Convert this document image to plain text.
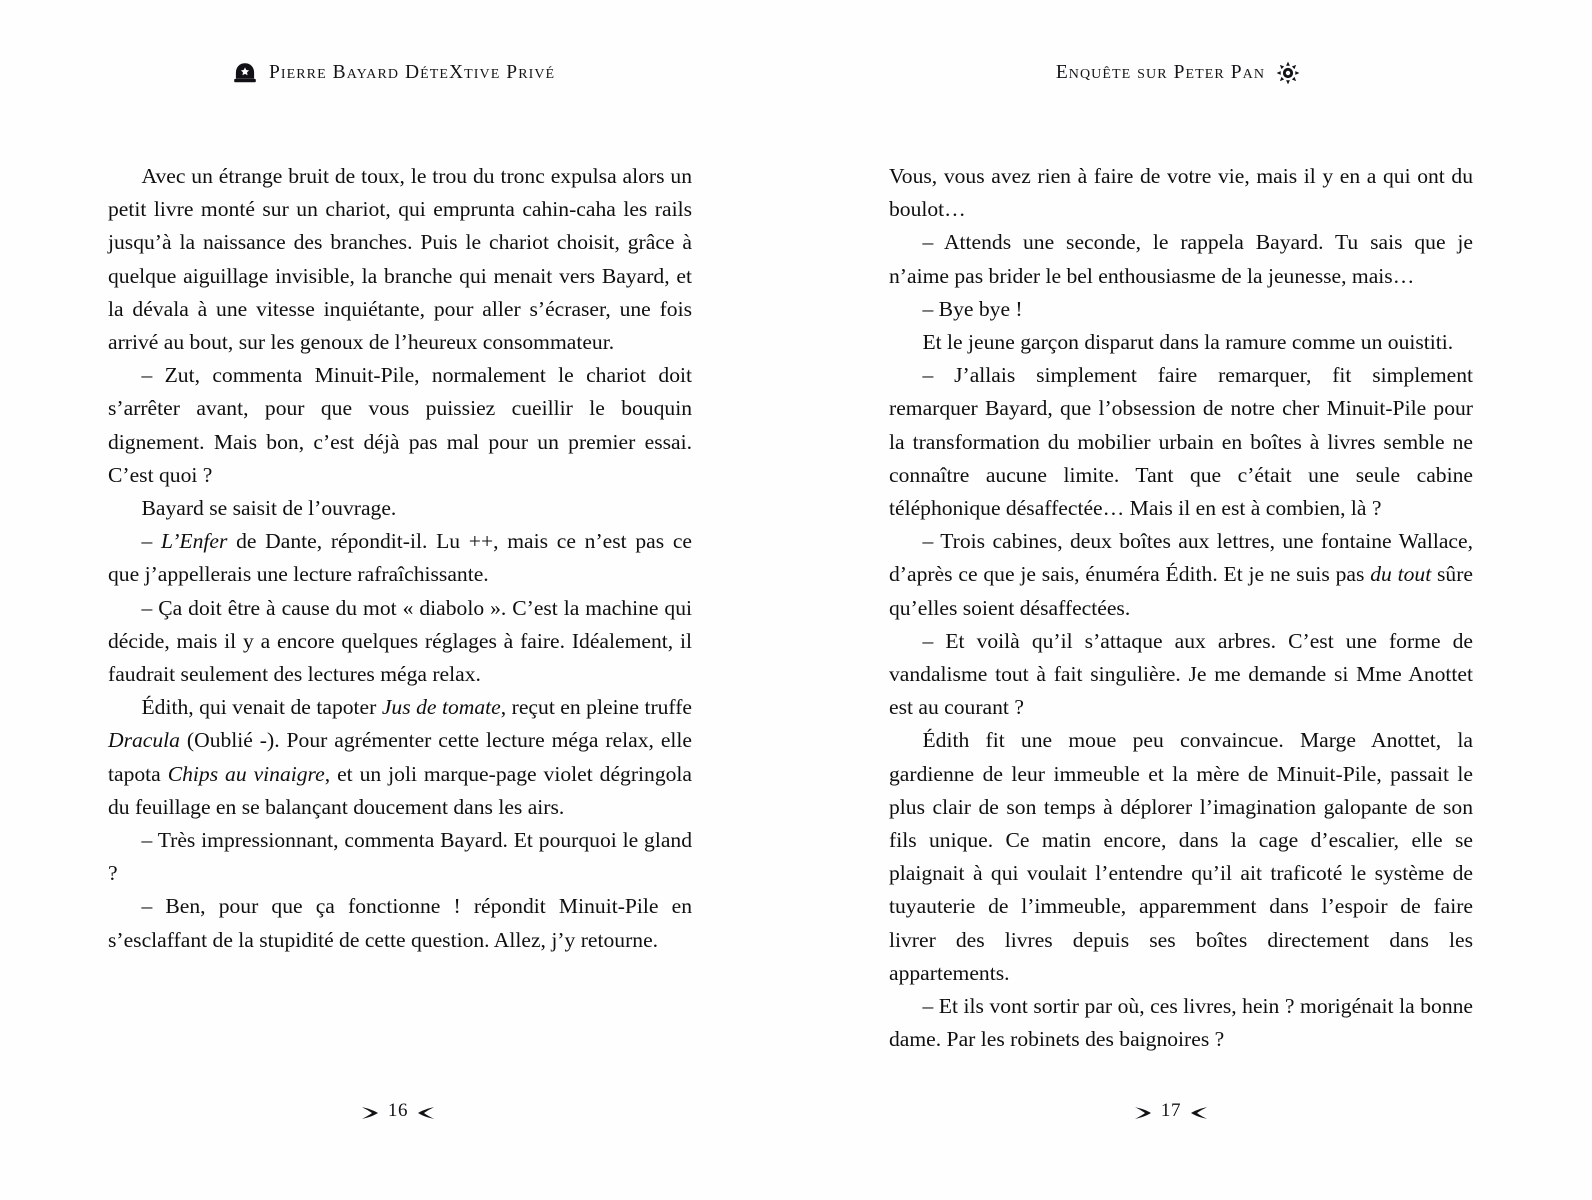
Pierre Bayard DéteXtive Privé

Avec un étrange bruit de toux, le trou du tronc expulsa alors un petit livre monté sur un chariot, qui emprunta cahin-caha les rails jusqu’à la naissance des branches. Puis le chariot choisit, grâce à quelque aiguillage invisible, la branche qui menait vers Bayard, et la dévala à une vitesse inquiétante, pour aller s’écraser, une fois arrivé au bout, sur les genoux de l’heureux consommateur.

– Zut, commenta Minuit-Pile, normalement le chariot doit s’arrêter avant, pour que vous puissiez cueillir le bouquin dignement. Mais bon, c’est déjà pas mal pour un premier essai. C’est quoi ?

Bayard se saisit de l’ouvrage.

– L’Enfer de Dante, répondit-il. Lu ++, mais ce n’est pas ce que j’appellerais une lecture rafraîchissante.

– Ça doit être à cause du mot « diabolo ». C’est la machine qui décide, mais il y a encore quelques réglages à faire. Idéalement, il faudrait seulement des lectures méga relax.

Édith, qui venait de tapoter Jus de tomate, reçut en pleine truffe Dracula (Oublié -). Pour agrémenter cette lecture méga relax, elle tapota Chips au vinaigre, et un joli marque-page violet dégringola du feuillage en se balançant doucement dans les airs.

– Très impressionnant, commenta Bayard. Et pourquoi le gland ?

– Ben, pour que ça fonctionne ! répondit Minuit-Pile en s’esclaffant de la stupidité de cette question. Allez, j’y retourne.

16
Enquête sur Peter Pan

Vous, vous avez rien à faire de votre vie, mais il y en a qui ont du boulot…

– Attends une seconde, le rappela Bayard. Tu sais que je n’aime pas brider le bel enthousiasme de la jeunesse, mais…

– Bye bye !

Et le jeune garçon disparut dans la ramure comme un ouistiti.

– J’allais simplement faire remarquer, fit simplement remarquer Bayard, que l’obsession de notre cher Minuit-Pile pour la transformation du mobilier urbain en boîtes à livres semble ne connaître aucune limite. Tant que c’était une seule cabine téléphonique désaffectée… Mais il en est à combien, là ?

– Trois cabines, deux boîtes aux lettres, une fontaine Wallace, d’après ce que je sais, énuméra Édith. Et je ne suis pas du tout sûre qu’elles soient désaffectées.

– Et voilà qu’il s’attaque aux arbres. C’est une forme de vandalisme tout à fait singulière. Je me demande si Mme Anottet est au courant ?

Édith fit une moue peu convaincue. Marge Anottet, la gardienne de leur immeuble et la mère de Minuit-Pile, passait le plus clair de son temps à déplorer l’imagination galopante de son fils unique. Ce matin encore, dans la cage d’escalier, elle se plaignait à qui voulait l’entendre qu’il ait traficoté le système de tuyauterie de l’immeuble, apparemment dans l’espoir de faire livrer des livres depuis ses boîtes directement dans les appartements.

– Et ils vont sortir par où, ces livres, hein ? morigénait la bonne dame. Par les robinets des baignoires ?

17
